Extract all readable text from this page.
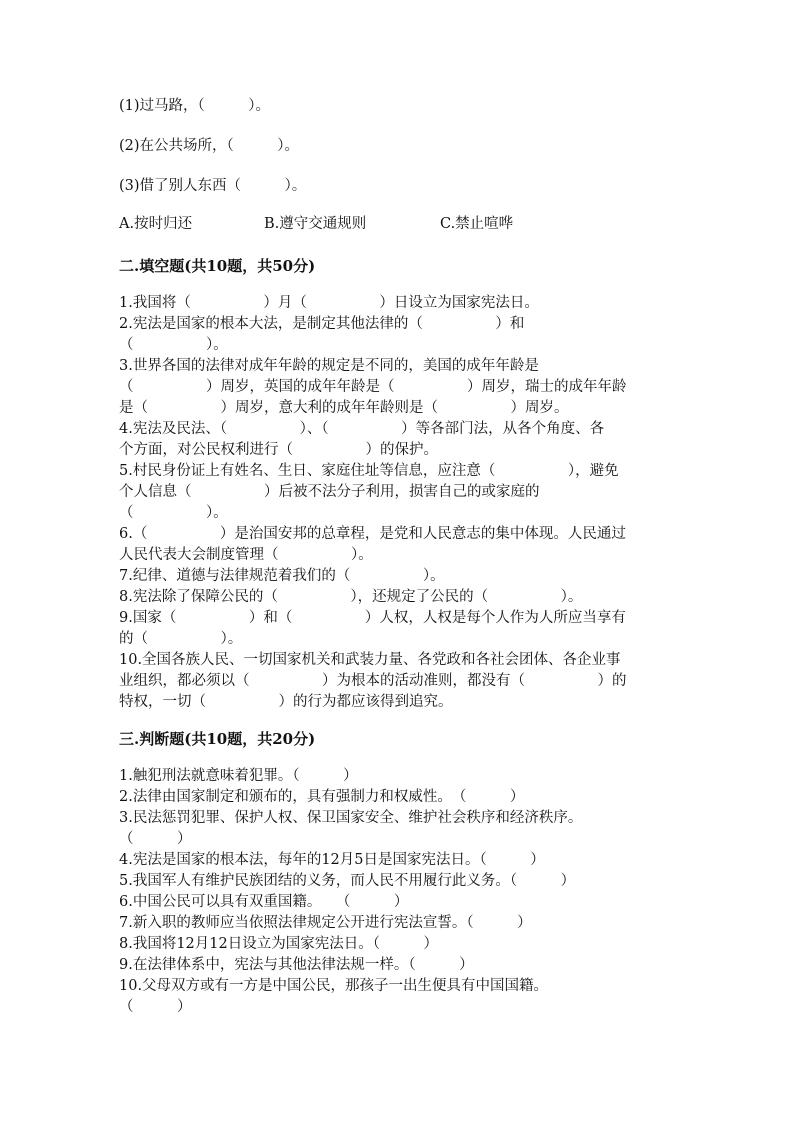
(1)过马路，（　　　）。
(2)在公共场所，（　　　）。
(3)借了别人东西（　　　）。
A.按时归还	B.遵守交通规则	C.禁止喧哗
二.填空题(共10题，共50分)
1.我国将（　　　　　）月（　　　　　）日设立为国家宪法日。
2.宪法是国家的根本大法，是制定其他法律的（　　　　　）和
（　　　　　）。
3.世界各国的法律对成年年龄的规定是不同的，美国的成年年龄是
（　　　　　）周岁，英国的成年年龄是（　　　　　）周岁，瑞士的成年年龄
是（　　　　　）周岁，意大利的成年年龄则是（　　　　　）周岁。
4.宪法及民法、（　　　　　）、（　　　　　）等各部门法，从各个角度、各
个方面，对公民权利进行（　　　　　）的保护。
5.村民身份证上有姓名、生日、家庭住址等信息，应注意（　　　　　），避免
个人信息（　　　　　）后被不法分子利用，损害自己的或家庭的
（　　　　　）。
6.（　　　　　）是治国安邦的总章程，是党和人民意志的集中体现。人民通过
人民代表大会制度管理（　　　　　）。
7.纪律、道德与法律规范着我们的（　　　　　）。
8.宪法除了保障公民的（　　　　　），还规定了公民的（　　　　　）。
9.国家（　　　　　）和（　　　　　）人权，人权是每个人作为人所应当享有
的（　　　　　）。
10.全国各族人民、一切国家机关和武装力量、各党政和各社会团体、各企业事
业组织，都必须以（　　　　　）为根本的活动准则，都没有（　　　　　）的
特权，一切（　　　　　）的行为都应该得到追究。
三.判断题(共10题，共20分)
1.触犯刑法就意味着犯罪。（　　　）
2.法律由国家制定和颁布的，具有强制力和权威性。　（　　　）
3.民法惩罚犯罪、保护人权、保卫国家安全、维护社会秩序和经济秩序。
（　　　）
4.宪法是国家的根本法，每年的12月5日是国家宪法日。（　　　）
5.我国军人有维护民族团结的义务，而人民不用履行此义务。（　　　）
6.中国公民可以具有双重国籍。　　（　　　）
7.新入职的教师应当依照法律规定公开进行宪法宣誓。（　　　）
8.我国将12月12日设立为国家宪法日。（　　　）
9.在法律体系中，宪法与其他法律法规一样。（　　　）
10.父母双方或有一方是中国公民，那孩子一出生便具有中国国籍。
（　　　）
